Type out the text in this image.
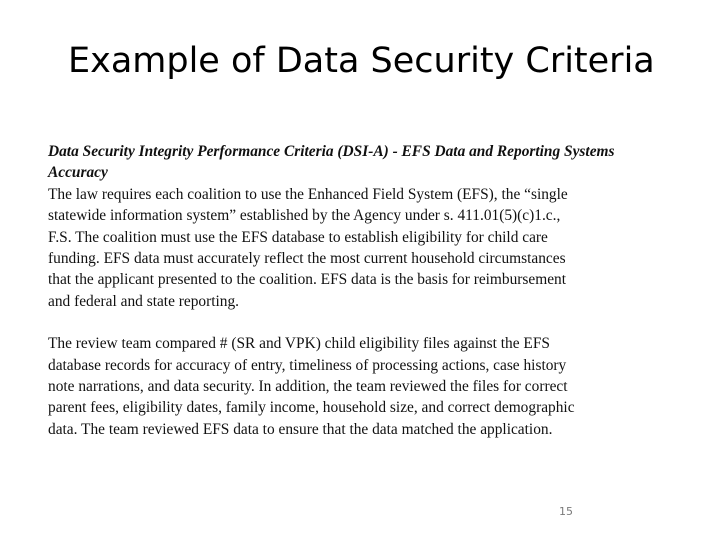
Example of Data Security Criteria
Data Security Integrity Performance Criteria (DSI-A) - EFS Data and Reporting Systems
Accuracy
The law requires each coalition to use the Enhanced Field System (EFS), the “single
statewide information system” established by the Agency under s. 411.01(5)(c)1.c.,
F.S. The coalition must use the EFS database to establish eligibility for child care
funding. EFS data must accurately reflect the most current household circumstances
that the applicant presented to the coalition. EFS data is the basis for reimbursement
and federal and state reporting.
The review team compared # (SR and VPK) child eligibility files against the EFS
database records for accuracy of entry, timeliness of processing actions, case history
note narrations, and data security. In addition, the team reviewed the files for correct
parent fees, eligibility dates, family income, household size, and correct demographic
data. The team reviewed EFS data to ensure that the data matched the application.
15
